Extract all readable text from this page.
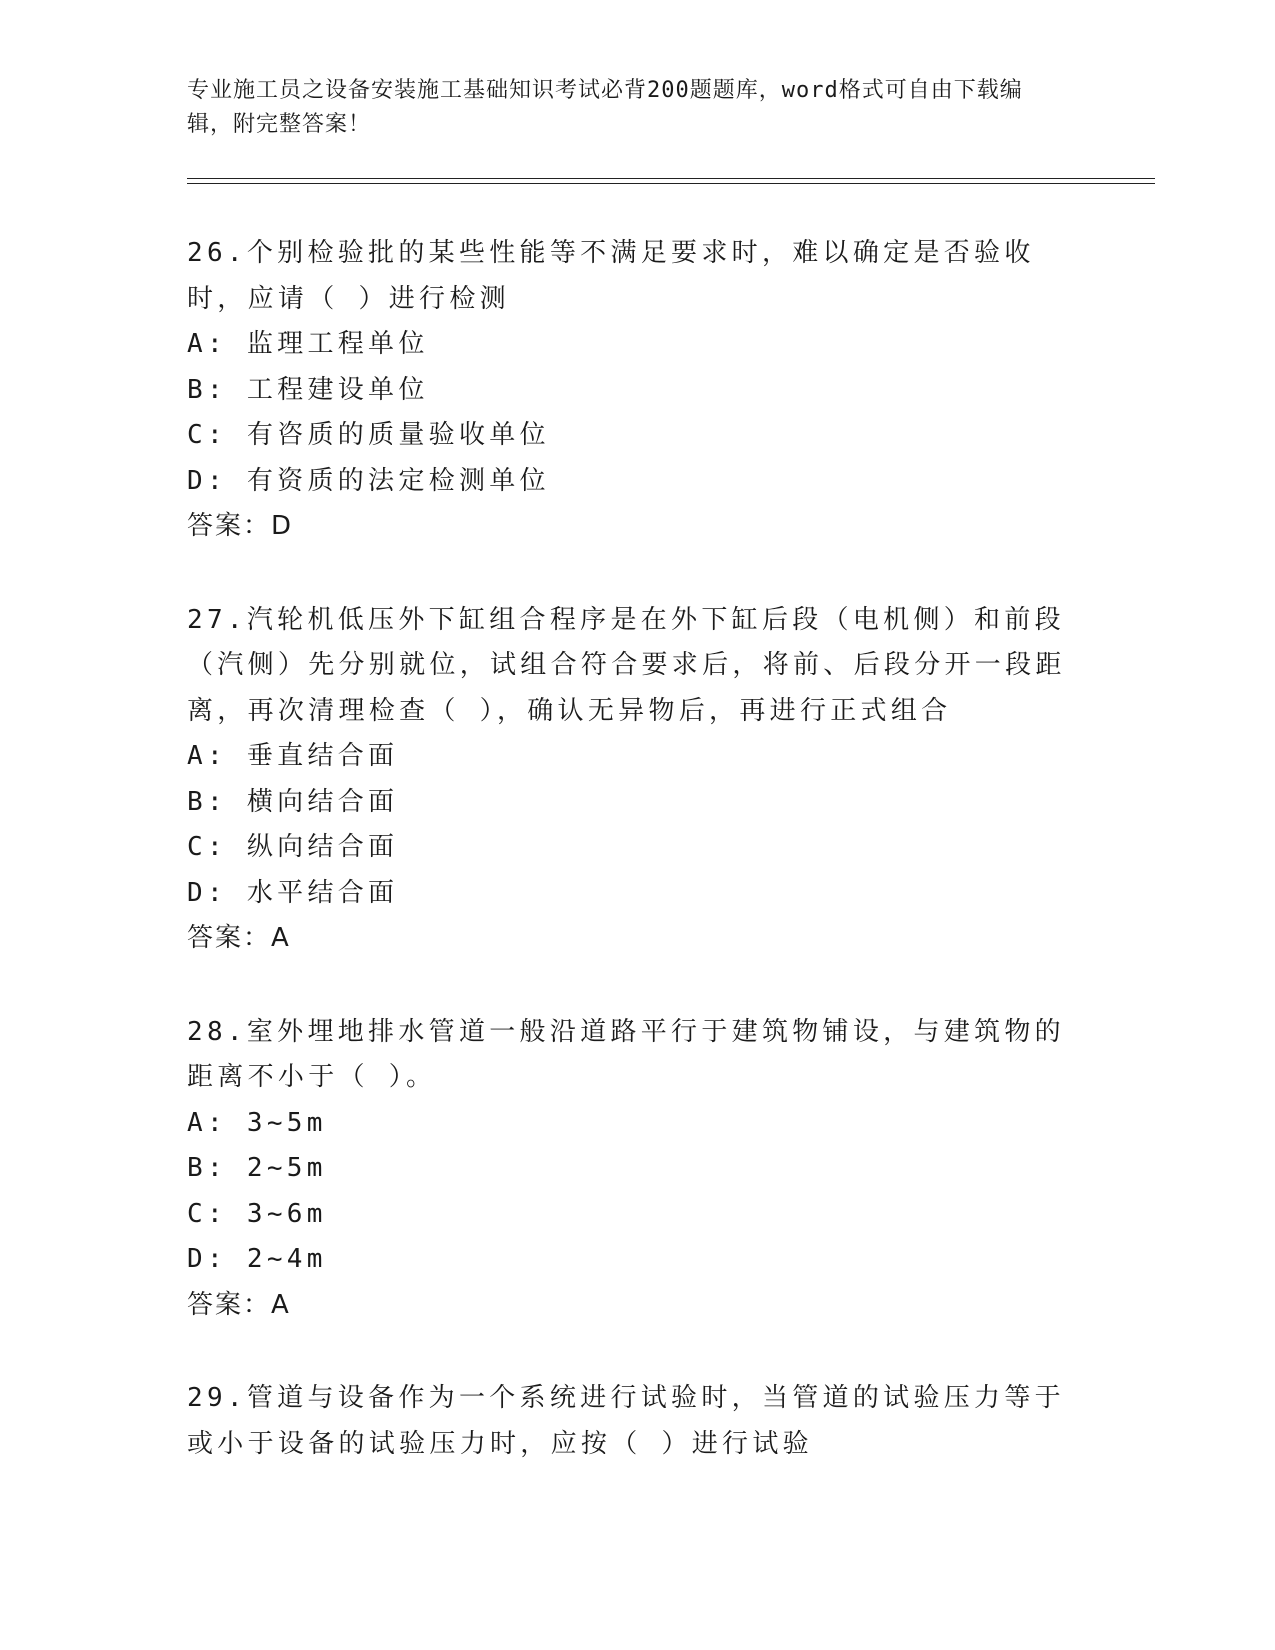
专业施工员之设备安装施工基础知识考试必背200题题库，word格式可自由下载编辑，附完整答案！
26.个别检验批的某些性能等不满足要求时，难以确定是否验收时，应请（ ）进行检测
A: 监理工程单位
B: 工程建设单位
C: 有咨质的质量验收单位
D: 有资质的法定检测单位
答案：D
27.汽轮机低压外下缸组合程序是在外下缸后段（电机侧）和前段（汽侧）先分别就位，试组合符合要求后，将前、后段分开一段距离，再次清理检查（ ），确认无异物后，再进行正式组合
A: 垂直结合面
B: 横向结合面
C: 纵向结合面
D: 水平结合面
答案：A
28.室外埋地排水管道一般沿道路平行于建筑物铺设，与建筑物的距离不小于（ ）。
A: 3~5m
B: 2~5m
C: 3~6m
D: 2~4m
答案：A
29.管道与设备作为一个系统进行试验时，当管道的试验压力等于或小于设备的试验压力时，应按（ ）进行试验
